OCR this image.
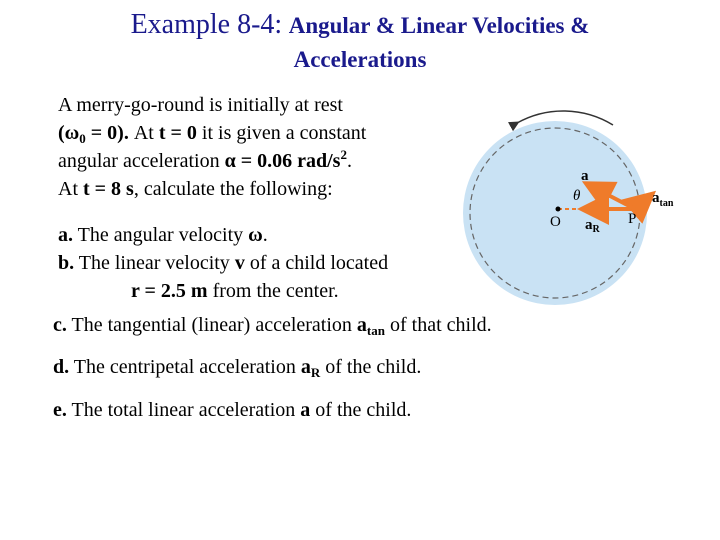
Example 8-4: Angular & Linear Velocities &
Accelerations
A merry-go-round is initially at rest
$(\omega_0 = 0)$. At t = 0 it is given a constant
angular acceleration α = 0.06 rad/$s^2$.
At t = 8 s, calculate the following:
a. The angular velocity ω.
b. The linear velocity v of a child located
r = 2.5 m from the center.
c. The tangential (linear) acceleration $a_{tan}$ of that child.
d. The centripetal acceleration $a_R$ of the child.
e. The total linear acceleration a of the child.
a
θ
O	P
$a_R$
$a_{tan}$
